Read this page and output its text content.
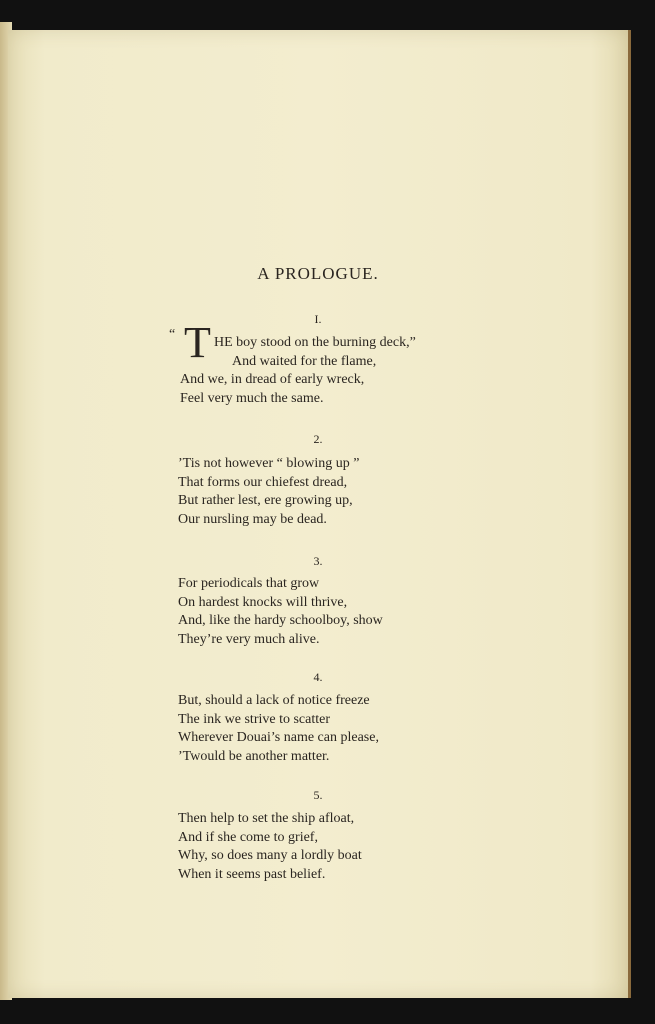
A PROLOGUE.
I.
“ T HE boy stood on the burning deck,”
And waited for the flame,
And we, in dread of early wreck,
Feel very much the same.
2.
’Tis not however “ blowing up ”
That forms our chiefest dread,
But rather lest, ere growing up,
Our nursling may be dead.
3.
For periodicals that grow
On hardest knocks will thrive,
And, like the hardy schoolboy, show
They’re very much alive.
4.
But, should a lack of notice freeze
The ink we strive to scatter
Wherever Douai’s name can please,
’Twould be another matter.
5.
Then help to set the ship afloat,
And if she come to grief,
Why, so does many a lordly boat
When it seems past belief.
